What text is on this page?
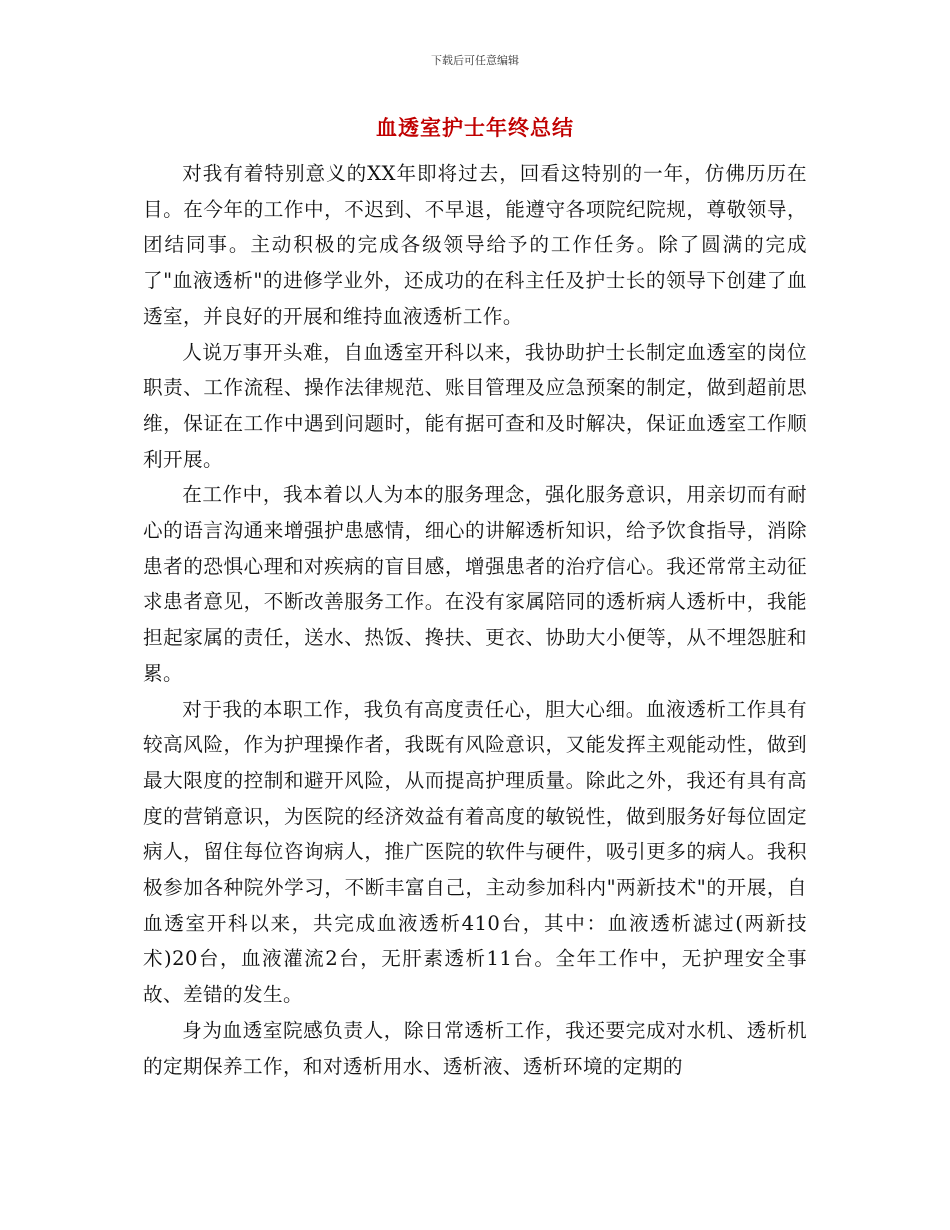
下载后可任意编辑
血透室护士年终总结

对我有着特别意义的XX年即将过去，回看这特别的一年，仿佛历历在目。在今年的工作中，不迟到、不早退，能遵守各项院纪院规，尊敬领导，团结同事。主动积极的完成各级领导给予的工作任务。除了圆满的完成了"血液透析"的进修学业外，还成功的在科主任及护士长的领导下创建了血透室，并良好的开展和维持血液透析工作。

人说万事开头难，自血透室开科以来，我协助护士长制定血透室的岗位职责、工作流程、操作法律规范、账目管理及应急预案的制定，做到超前思维，保证在工作中遇到问题时，能有据可查和及时解决，保证血透室工作顺利开展。

在工作中，我本着以人为本的服务理念，强化服务意识，用亲切而有耐心的语言沟通来增强护患感情，细心的讲解透析知识，给予饮食指导，消除患者的恐惧心理和对疾病的盲目感，增强患者的治疗信心。我还常常主动征求患者意见，不断改善服务工作。在没有家属陪同的透析病人透析中，我能担起家属的责任，送水、热饭、搀扶、更衣、协助大小便等，从不埋怨脏和累。

对于我的本职工作，我负有高度责任心，胆大心细。血液透析工作具有较高风险，作为护理操作者，我既有风险意识，又能发挥主观能动性，做到最大限度的控制和避开风险，从而提高护理质量。除此之外，我还有具有高度的营销意识，为医院的经济效益有着高度的敏锐性，做到服务好每位固定病人，留住每位咨询病人，推广医院的软件与硬件，吸引更多的病人。我积极参加各种院外学习，不断丰富自己，主动参加科内"两新技术"的开展，自血透室开科以来，共完成血液透析410台，其中：血液透析滤过(两新技术)20台，血液灌流2台，无肝素透析11台。全年工作中，无护理安全事故、差错的发生。

身为血透室院感负责人，除日常透析工作，我还要完成对水机、透析机的定期保养工作，和对透析用水、透析液、透析环境的定期的
